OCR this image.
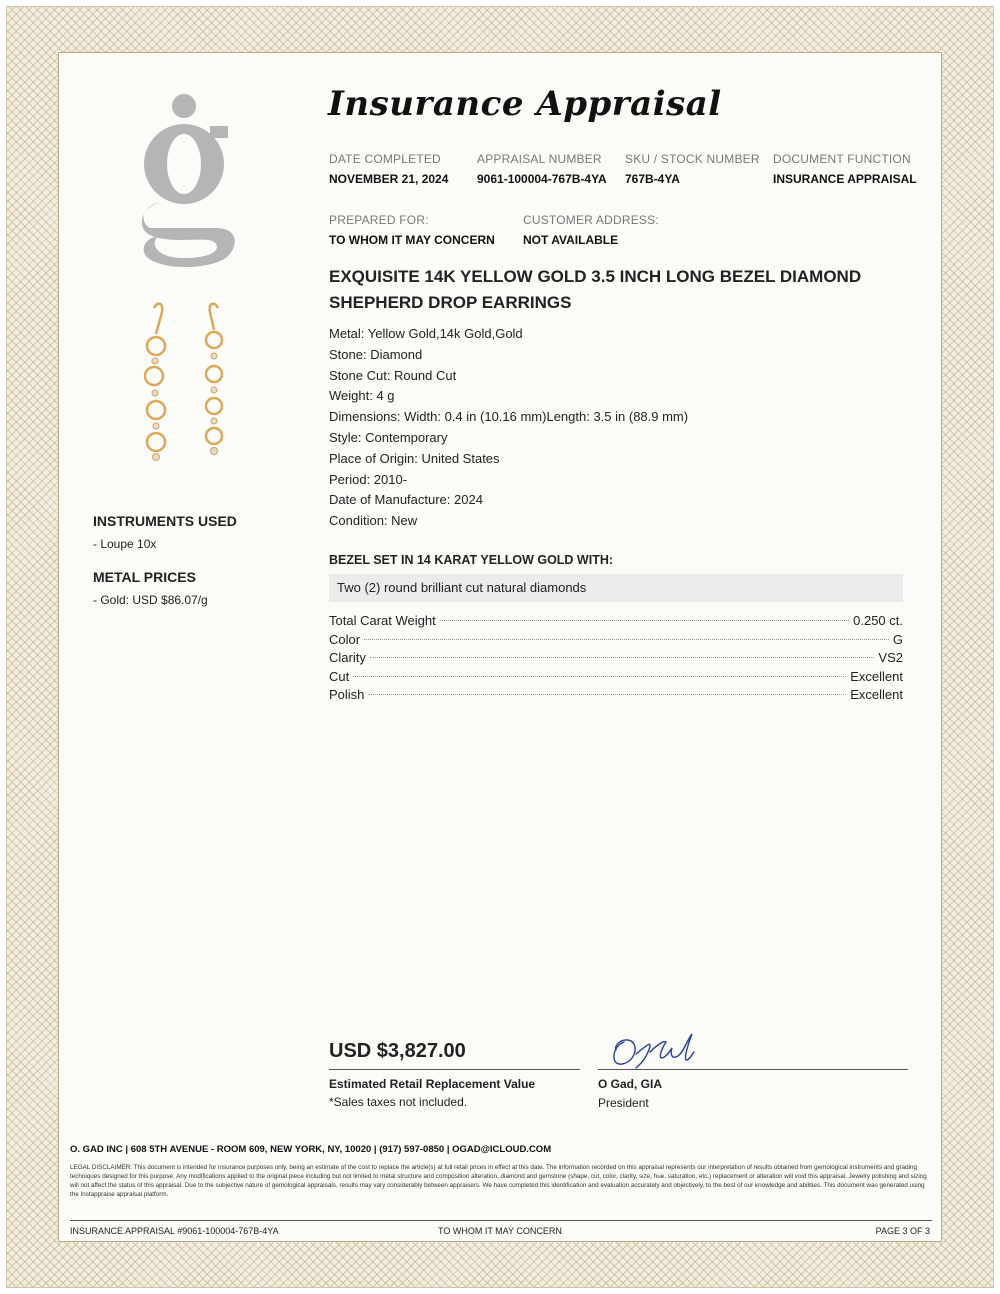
Insurance Appraisal
DATE COMPLETED
NOVEMBER 21, 2024
APPRAISAL NUMBER
9061-100004-767B-4YA
SKU / STOCK NUMBER
767B-4YA
DOCUMENT FUNCTION
INSURANCE APPRAISAL
PREPARED FOR:
TO WHOM IT MAY CONCERN
CUSTOMER ADDRESS:
NOT AVAILABLE
EXQUISITE 14K YELLOW GOLD 3.5 INCH LONG BEZEL DIAMOND
SHEPHERD DROP EARRINGS
Metal: Yellow Gold,14k Gold,Gold
Stone: Diamond
Stone Cut: Round Cut
Weight: 4 g
Dimensions: Width: 0.4 in (10.16 mm)Length: 3.5 in (88.9 mm)
Style: Contemporary
Place of Origin: United States
Period: 2010-
Date of Manufacture: 2024
Condition: New
BEZEL SET IN 14 KARAT YELLOW GOLD WITH:
Two (2) round brilliant cut natural diamonds
Total Carat Weight	0.250 ct.
Color	G
Clarity	VS2
Cut	Excellent
Polish	Excellent
INSTRUMENTS USED
- Loupe 10x
METAL PRICES
- Gold: USD $86.07/g
USD $3,827.00
Estimated Retail Replacement Value
*Sales taxes not included.
O Gad, GIA
President
O. GAD INC | 608 5TH AVENUE - ROOM 609, NEW YORK, NY, 10020 | (917) 597-0850 | OGAD@ICLOUD.COM
LEGAL DISCLAIMER: This document is intended for insurance purposes only, being an estimate of the cost to replace the article(s) at full retail prices in effect at this date. The information recorded on this appraisal represents our interpretation of results obtained from gemological instruments and grading techniques designed for this purpose. Any modifications applied to the original piece including but not limited to metal structure and composition alteration, diamond and gemstone (shape, cut, color, clarity, size, hue, saturation, etc.) replacement or alteration will void this appraisal. Jewelry polishing and sizing will not affect the status of this appraisal. Due to the subjective nature of gemological appraisals, results may vary considerably between appraisers. We have completed this identification and evaluation accurately and objectively, to the best of our knowledge and abilities. This document was generated using the Instappraise appraisal platform.
INSURANCE APPRAISAL #9061-100004-767B-4YA	TO WHOM IT MAY CONCERN	PAGE 3 OF 3
